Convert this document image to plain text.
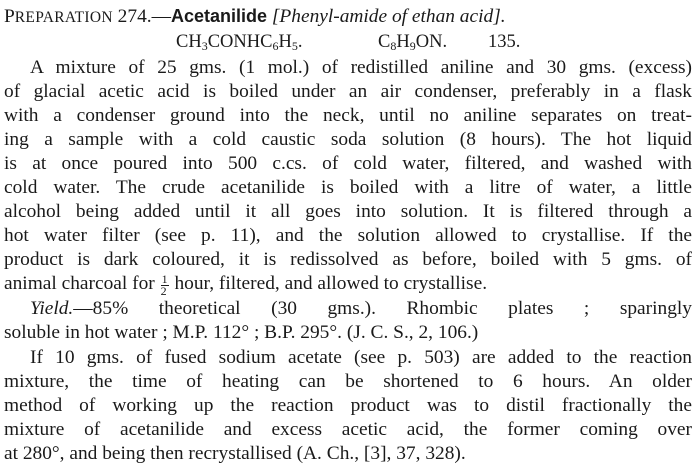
PREPARATION 274.—Acetanilide [Phenyl-amide of ethan acid].
$CH_3CONHC_6H_5$.	$C_8H_9ON$. 135.
A mixture of 25 gms. (1 mol.) of redistilled aniline and 30 gms. (excess)
of glacial acetic acid is boiled under an air condenser, preferably in a flask
with a condenser ground into the neck, until no aniline separates on treat-
ing a sample with a cold caustic soda solution (8 hours). The hot liquid
is at once poured into 500 c.cs. of cold water, filtered, and washed with
cold water. The crude acetanilide is boiled with a litre of water, a little
alcohol being added until it all goes into solution. It is filtered through a
hot water filter (see p. 11), and the solution allowed to crystallise. If the
product is dark coloured, it is redissolved as before, boiled with 5 gms. of
animal charcoal for $\frac{1}{2}$ hour, filtered, and allowed to crystallise.
Yield.—85% theoretical (30 gms.). Rhombic plates ; sparingly
soluble in hot water ; M.P. 112° ; B.P. 295°. (J. C. S., 2, 106.)
If 10 gms. of fused sodium acetate (see p. 503) are added to the reaction
mixture, the time of heating can be shortened to 6 hours. An older
method of working up the reaction product was to distil fractionally the
mixture of acetanilide and excess acetic acid, the former coming over
at 280°, and being then recrystallised (A. Ch., [3], 37, 328).
